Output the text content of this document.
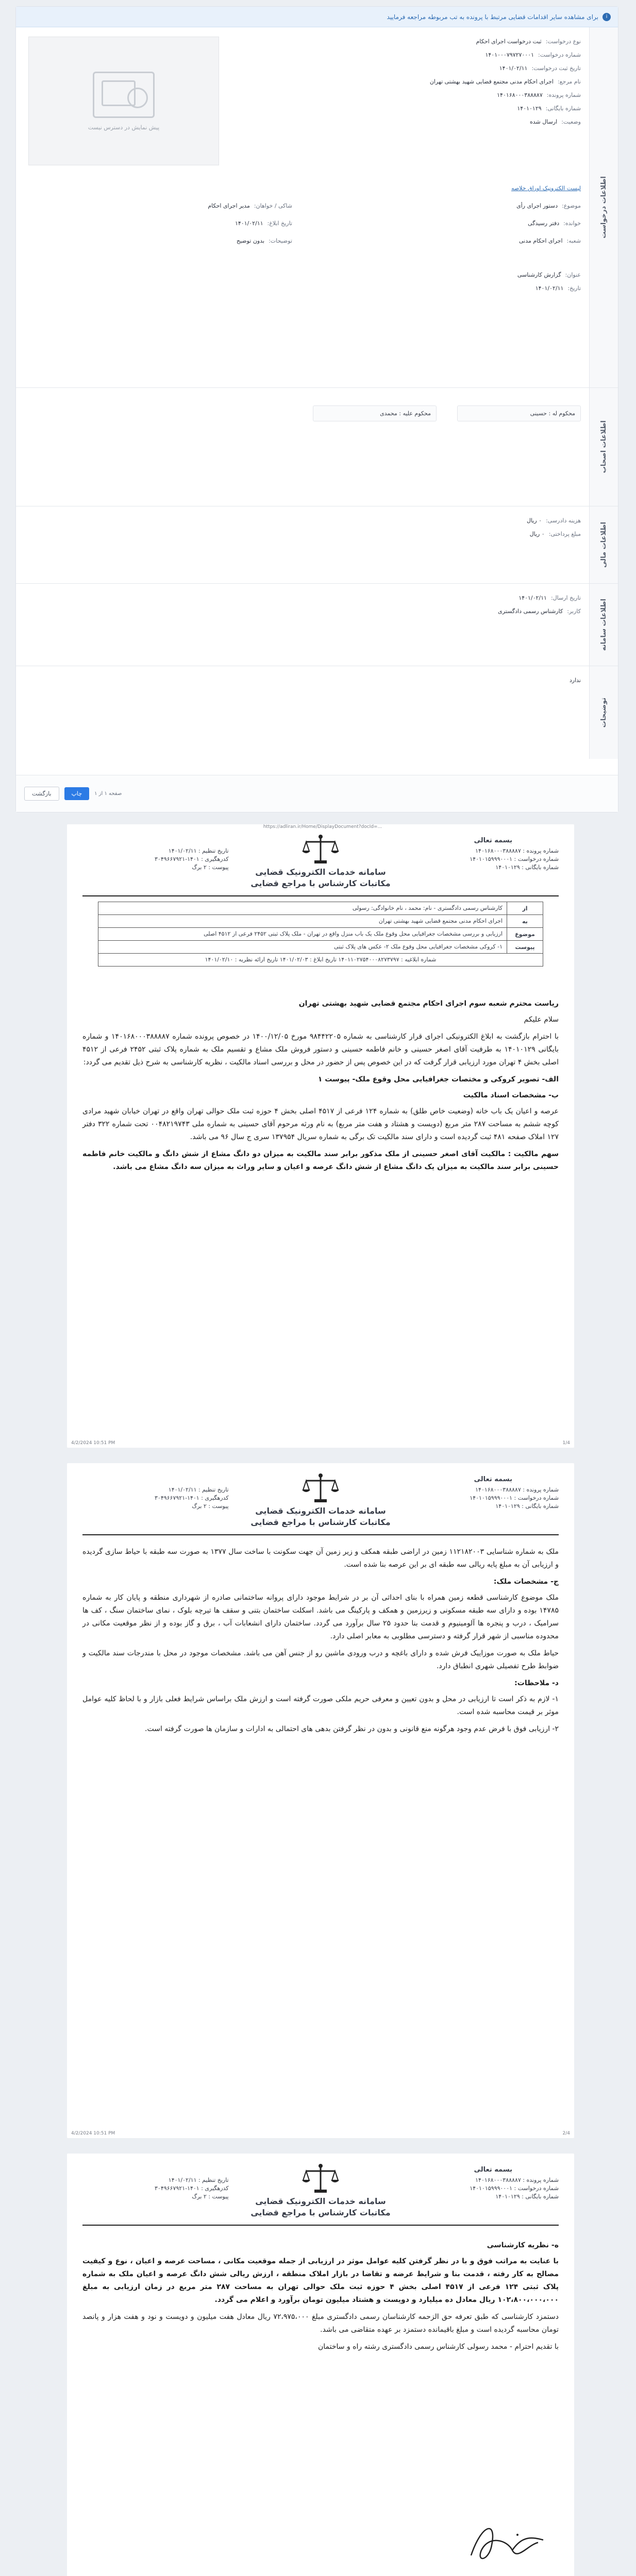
i
برای مشاهده سایر اقدامات قضایی مرتبط با پرونده به تب مربوطه مراجعه فرمایید
اطلاعات درخواست
نوع درخواست:
ثبت درخواست اجرای احکام
شماره درخواست:
۱۴۰۱۰۰۰۷۹۷۲۷۰۰۰۱
تاریخ ثبت درخواست:
۱۴۰۱/۰۲/۱۱
نام مرجع:
اجرای احکام مدنی مجتمع قضایی شهید بهشتی تهران
شماره پرونده:
۱۴۰۱۶۸۰۰۰۳۸۸۸۸۷
شماره بایگانی:
۱۴۰۱۰۱۲۹
وضعیت:
ارسال شده
پیش نمایش در دسترس نیست
لیست الکترونیک اوراق خلاصه
موضوع:
دستور اجرای رأی
شاکی / خواهان:
مدیر اجرای احکام
خوانده:
دفتر رسیدگی
تاریخ ابلاغ:
۱۴۰۱/۰۲/۱۱
شعبه:
اجرای احکام مدنی
توضیحات:
بدون توضیح
عنوان:
گزارش کارشناسی
تاریخ:
۱۴۰۱/۰۲/۱۱
اطلاعات اصحاب
محکوم له : حسینی
محکوم علیه : محمدی
اطلاعات مالی
هزینه دادرسی:
۰ ریال
مبلغ پرداختی:
۰ ریال
اطلاعات سامانه
تاریخ ارسال:
۱۴۰۱/۰۲/۱۱
کاربر:
کارشناس رسمی دادگستری
توضیحات
ندارد
بازگشت	چاپ	صفحه ۱ از ۱
https://adliran.ir/Home/DisplayDocument?docId=...
بسمه تعالی
شماره پرونده : ۱۴۰۱۶۸۰۰۰۳۸۸۸۸۷
شماره درخواست : ۱۴۰۱۰۱۵۹۹۹۰۰۰۱
شماره بایگانی : ۱۴۰۱۰۱۲۹
تاریخ تنظیم : ۱۴۰۱/۰۲/۱۱
کدرهگیری : ۱۴۰۱-۳۰۴۹۶۶۷۹۲۱
پیوست : ۲ برگ	سامانه خدمات الکترونیک قضایی
مکاتبات کارشناس با مراجع قضایی
از
کارشناس رسمی دادگستری - نام: محمد ، نام خانوادگی: رسولی
به
اجرای احکام مدنی مجتمع قضایی شهید بهشتی تهران
موضوع
ارزیابی و بررسی مشخصات جغرافیایی محل وقوع ملک یک باب منزل واقع در تهران - ملک پلاک ثبتی ۲۴۵۲ فرعی از ۴۵۱۲ اصلی
پیوست
۱- کروکی مشخصات جغرافیایی محل وقوع ملک ۲- عکس های پلاک ثبتی
شماره ابلاغیه : ۱۴۰۱۱۰۲۷۵۴۰۰۰۸۲۷۳۷۹۷ تاریخ ابلاغ : ۱۴۰۱/۰۲/۰۳ تاریخ ارائه نظریه : ۱۴۰۱/۰۲/۱۰

ریاست محترم شعبه سوم اجرای احکام مجتمع قضایی شهید بهشتی تهران

سلام علیکم

با احترام بازگشت به ابلاغ الکترونیکی اجرای قرار کارشناسی به شماره ۹۸۴۴۲۲۰۵ مورخ ۱۴۰۰/۱۲/۰۵ در خصوص پرونده شماره ۱۴۰۱۶۸۰۰۰۳۸۸۸۸۷ و شماره بایگانی ۱۴۰۱۰۱۲۹ به طرفیت آقای اصغر حسینی و خانم فاطمه حسینی و دستور فروش ملک مشاع و تقسیم ملک به شماره پلاک ثبتی ۲۴۵۲ فرعی از ۴۵۱۲ اصلی بخش ۴ تهران مورد ارزیابی قرار گرفت که در این خصوص پس از حضور در محل و بررسی اسناد مالکیت ، نظریه کارشناسی به شرح ذیل تقدیم می گردد:

الف- تصویر کروکی و مختصات جغرافیایی محل وقوع ملک- پیوست ۱

ب- مشخصات اسناد مالکیت

عرصه و اعیان یک باب خانه (وضعیت خاص طلق) به شماره ۱۲۴ فرعی از ۴۵۱۷ اصلی بخش ۴ حوزه ثبت ملک حوالی تهران واقع در تهران خیابان شهید مرادی کوچه ششم به مساحت ۲۸۷ متر مربع (دویست و هشتاد و هفت متر مربع) به نام ورثه مرحوم آقای حسینی به شماره ملی ۰۰۴۸۲۱۹۷۴۳ تحت شماره ۳۲۲ دفتر ۱۲۷ املاک صفحه ۴۸۱ ثبت گردیده است و دارای سند مالکیت تک برگی به شماره سریال ۱۳۷۹۵۴ سری ج سال ۹۶ می باشد.

سهم مالکیت : مالکیت آقای اصغر حسینی از ملک مذکور برابر سند مالکیت به میزان دو دانگ مشاع از شش دانگ و مالکیت خانم فاطمه حسینی برابر سند مالکیت به میزان یک دانگ مشاع از شش دانگ عرصه و اعیان و سایر وراث به میزان سه دانگ مشاع می باشد.

4/2/2024 10:51 PM	1/4
بسمه تعالی
شماره پرونده : ۱۴۰۱۶۸۰۰۰۳۸۸۸۸۷
شماره درخواست : ۱۴۰۱۰۱۵۹۹۹۰۰۰۱
شماره بایگانی : ۱۴۰۱۰۱۲۹
تاریخ تنظیم : ۱۴۰۱/۰۲/۱۱
کدرهگیری : ۱۴۰۱-۳۰۴۹۶۶۷۹۲۱
پیوست : ۲ برگ	سامانه خدمات الکترونیک قضایی
مکاتبات کارشناس با مراجع قضایی

ملک به شماره شناسایی ۱۱۲۱۸۲۰۰۳ زمین در اراضی طبقه همکف و زیر زمین آن جهت سکونت با ساخت سال ۱۳۷۷ به صورت سه طبقه با حیاط سازی گردیده و ارزیابی آن به مبلغ پایه ریالی سه طبقه ای بر این عرصه بنا شده است.

ج- مشخصات ملک:

ملک موضوع کارشناسی قطعه زمین همراه با بنای احداثی آن بر در شرایط موجود دارای پروانه ساختمانی صادره از شهرداری منطقه و پایان کار به شماره ۱۴۷۸۵ بوده و دارای سه طبقه مسکونی و زیرزمین و همکف و پارکینگ می باشد. اسکلت ساختمان بتنی و سقف ها تیرچه بلوک ، نمای ساختمان سنگ ، کف ها سرامیک ، درب و پنجره ها آلومینیوم و قدمت بنا حدود ۲۵ سال برآورد می گردد. ساختمان دارای انشعابات آب ، برق و گاز بوده و از نظر موقعیت مکانی در محدوده مناسبی از شهر قرار گرفته و دسترسی مطلوبی به معابر اصلی دارد.

حیاط ملک به صورت موزاییک فرش شده و دارای باغچه و درب ورودی ماشین رو از جنس آهن می باشد. مشخصات موجود در محل با مندرجات سند مالکیت و ضوابط طرح تفصیلی شهری انطباق دارد.

د- ملاحظات:

۱- لازم به ذکر است تا ارزیابی در محل و بدون تعیین و معرفی حریم ملکی صورت گرفته است و ارزش ملک براساس شرایط فعلی بازار و با لحاظ کلیه عوامل موثر بر قیمت محاسبه شده است.

۲- ارزیابی فوق با فرض عدم وجود هرگونه منع قانونی و بدون در نظر گرفتن بدهی های احتمالی به ادارات و سازمان ها صورت گرفته است.

4/2/2024 10:51 PM	2/4
بسمه تعالی
شماره پرونده : ۱۴۰۱۶۸۰۰۰۳۸۸۸۸۷
شماره درخواست : ۱۴۰۱۰۱۵۹۹۹۰۰۰۱
شماره بایگانی : ۱۴۰۱۰۱۲۹
تاریخ تنظیم : ۱۴۰۱/۰۲/۱۱
کدرهگیری : ۱۴۰۱-۳۰۴۹۶۶۷۹۲۱
پیوست : ۲ برگ	سامانه خدمات الکترونیک قضایی
مکاتبات کارشناس با مراجع قضایی

ه- نظریه کارشناسی

با عنایت به مراتب فوق و با در نظر گرفتن کلیه عوامل موثر در ارزیابی از جمله موقعیت مکانی ، مساحت عرصه و اعیان ، نوع و کیفیت مصالح به کار رفته ، قدمت بنا و شرایط عرضه و تقاضا در بازار املاک منطقه ، ارزش ریالی شش دانگ عرصه و اعیان ملک به شماره پلاک ثبتی ۱۲۴ فرعی از ۴۵۱۷ اصلی بخش ۴ حوزه ثبت ملک حوالی تهران به مساحت ۲۸۷ متر مربع در زمان ارزیابی به مبلغ ۱۰۲،۸۰۰،۰۰۰،۰۰۰ ریال معادل ده میلیارد و دویست و هشتاد میلیون تومان برآورد و اعلام می گردد.

دستمزد کارشناسی که طبق تعرفه حق الزحمه کارشناسان رسمی دادگستری مبلغ ۷۲،۹۷۵،۰۰۰ ریال معادل هفت میلیون و دویست و نود و هفت هزار و پانصد تومان محاسبه گردیده است و مبلغ باقیمانده دستمزد بر عهده متقاضی می باشد.

با تقدیم احترام - محمد رسولی کارشناس رسمی دادگستری رشته راه و ساختمان
